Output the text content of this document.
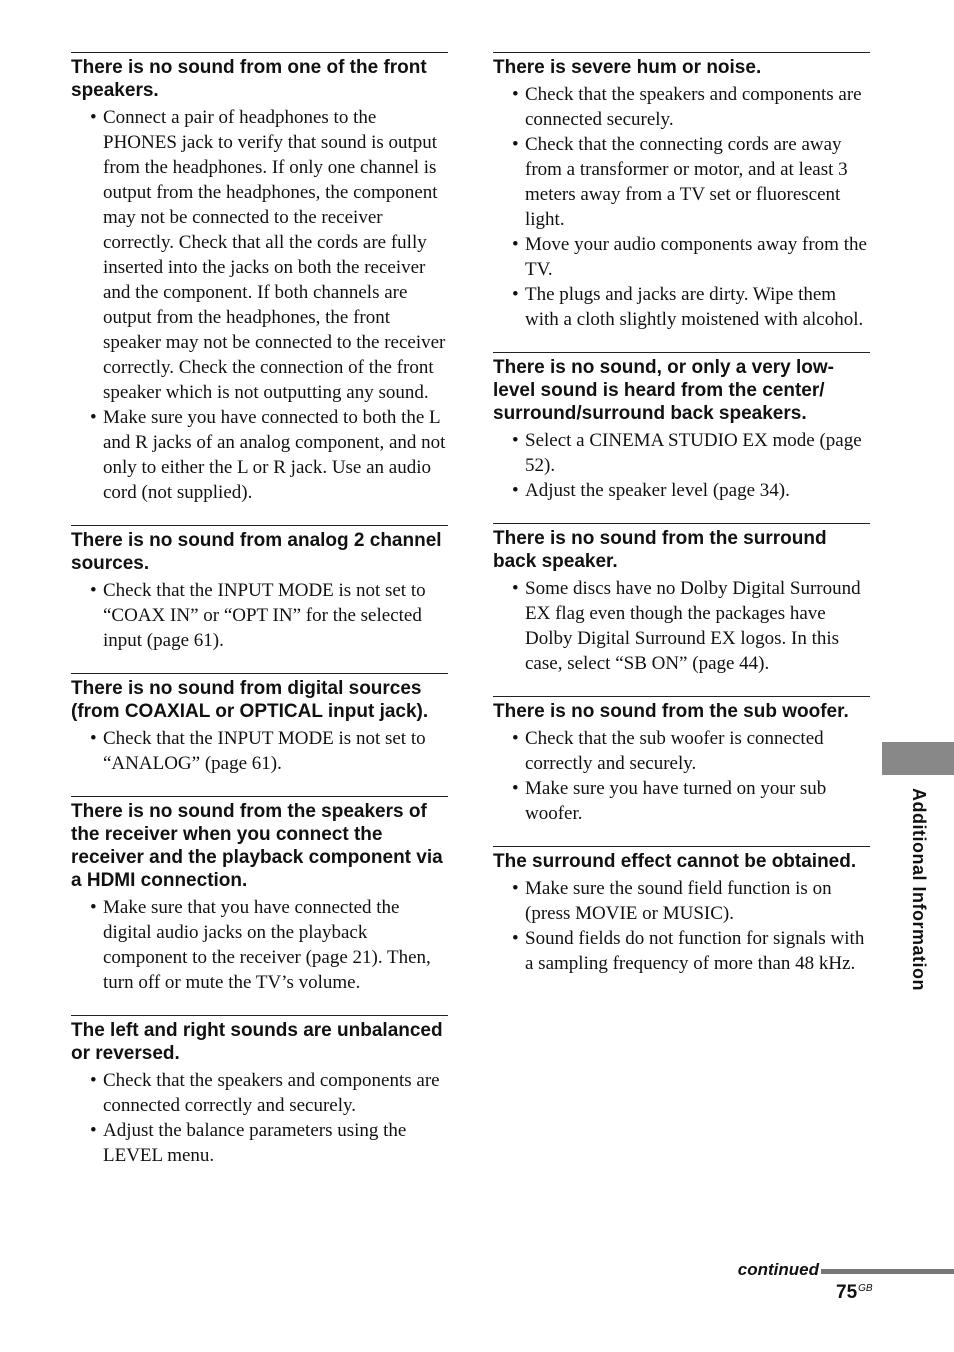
There is no sound from one of the front speakers.
• Connect a pair of headphones to the PHONES jack to verify that sound is output from the headphones. If only one channel is output from the headphones, the component may not be connected to the receiver correctly. Check that all the cords are fully inserted into the jacks on both the receiver and the component. If both channels are output from the headphones, the front speaker may not be connected to the receiver correctly. Check the connection of the front speaker which is not outputting any sound.
• Make sure you have connected to both the L and R jacks of an analog component, and not only to either the L or R jack. Use an audio cord (not supplied).
There is no sound from analog 2 channel sources.
• Check that the INPUT MODE is not set to “COAX IN” or “OPT IN” for the selected input (page 61).
There is no sound from digital sources (from COAXIAL or OPTICAL input jack).
• Check that the INPUT MODE is not set to “ANALOG” (page 61).
There is no sound from the speakers of the receiver when you connect the receiver and the playback component via a HDMI connection.
• Make sure that you have connected the digital audio jacks on the playback component to the receiver (page 21). Then, turn off or mute the TV’s volume.
The left and right sounds are unbalanced or reversed.
• Check that the speakers and components are connected correctly and securely.
• Adjust the balance parameters using the LEVEL menu.
There is severe hum or noise.
• Check that the speakers and components are connected securely.
• Check that the connecting cords are away from a transformer or motor, and at least 3 meters away from a TV set or fluorescent light.
• Move your audio components away from the TV.
• The plugs and jacks are dirty. Wipe them with a cloth slightly moistened with alcohol.
There is no sound, or only a very low-level sound is heard from the center/ surround/surround back speakers.
• Select a CINEMA STUDIO EX mode (page 52).
• Adjust the speaker level (page 34).
There is no sound from the surround back speaker.
• Some discs have no Dolby Digital Surround EX flag even though the packages have Dolby Digital Surround EX logos. In this case, select “SB ON” (page 44).
There is no sound from the sub woofer.
• Check that the sub woofer is connected correctly and securely.
• Make sure you have turned on your sub woofer.
The surround effect cannot be obtained.
• Make sure the sound field function is on (press MOVIE or MUSIC).
• Sound fields do not function for signals with a sampling frequency of more than 48 kHz.	Additional Information
continued
$75^{GB}$
